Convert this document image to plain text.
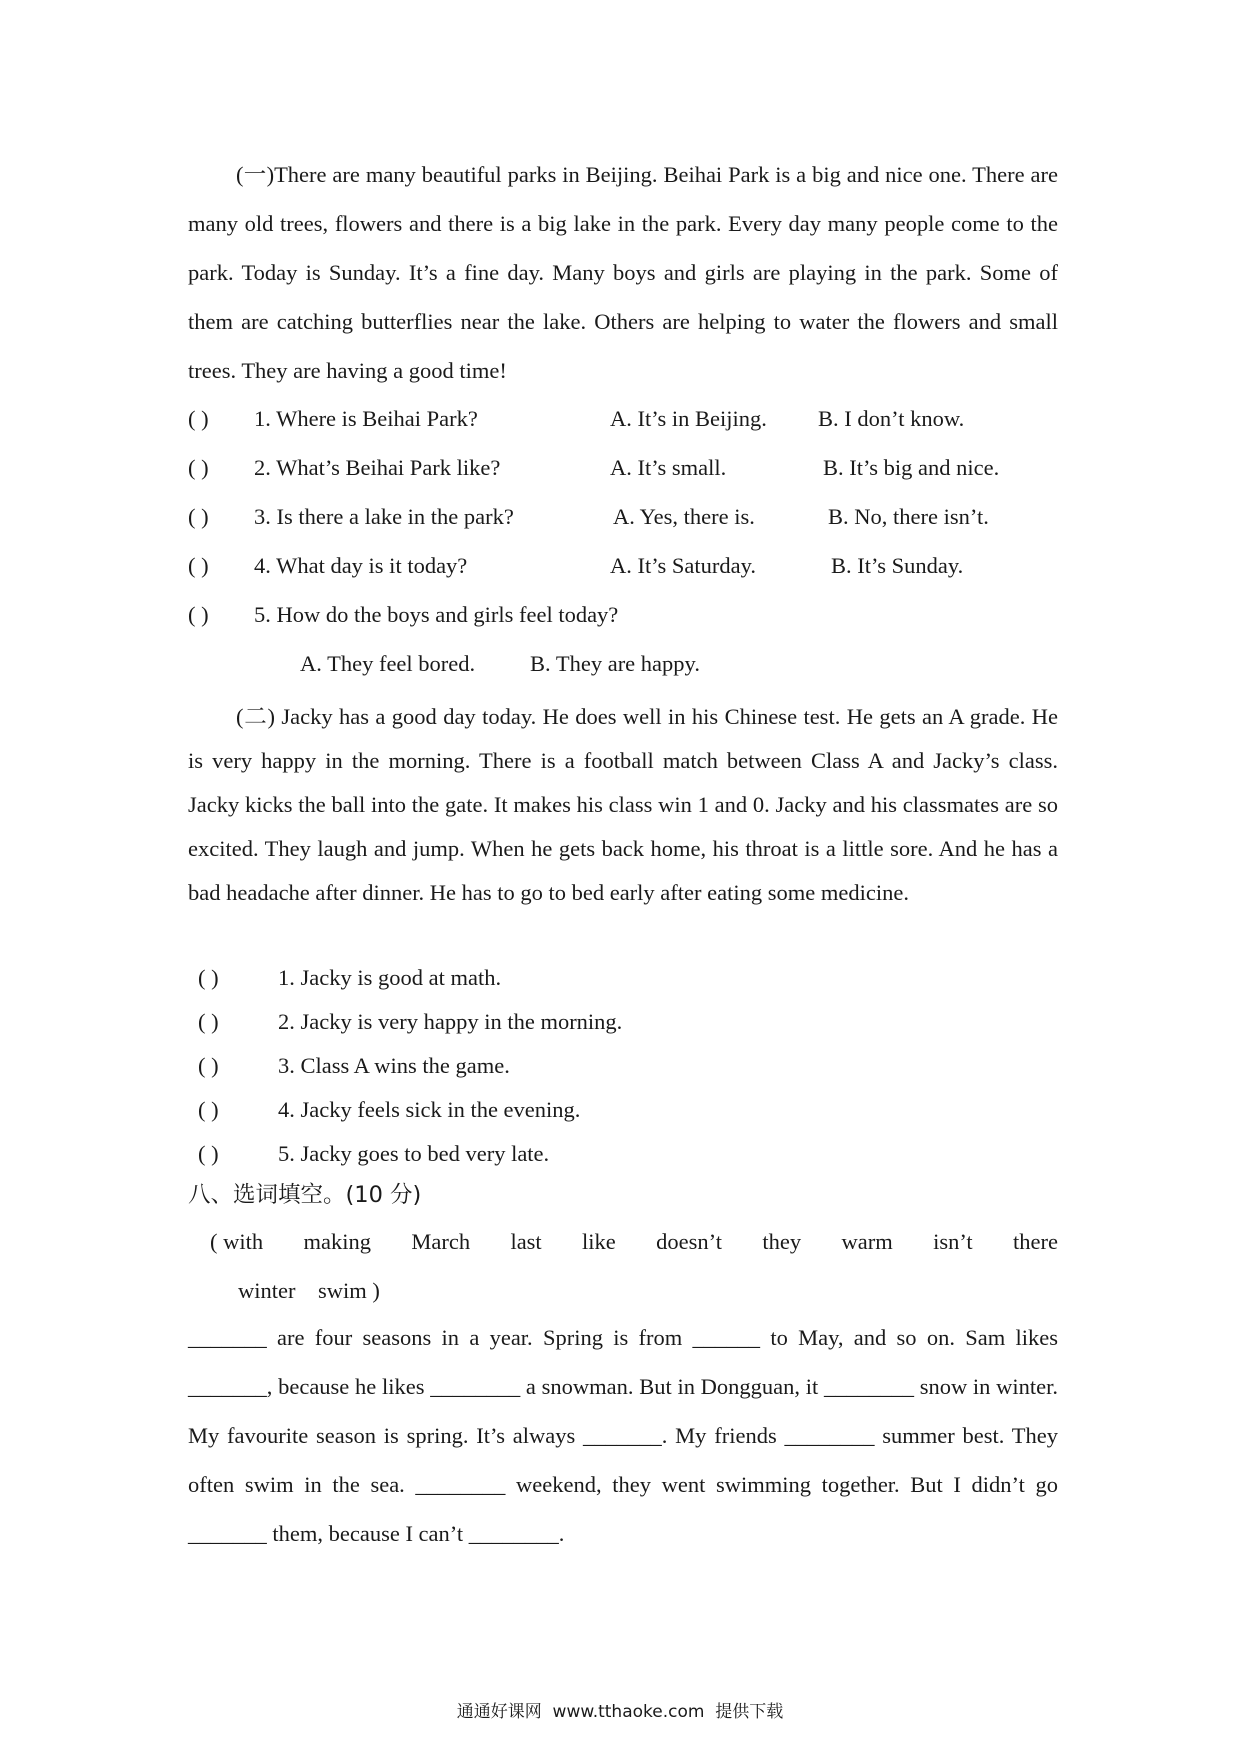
(一)There are many beautiful parks in Beijing. Beihai Park is a big and nice one. There are many old trees, flowers and there is a big lake in the park. Every day many people come to the park. Today is Sunday. It’s a fine day. Many boys and girls are playing in the park. Some of them are catching butterflies near the lake. Others are helping to water the flowers and small trees. They are having a good time!

( ) 1. Where is Beihai Park?	A. It’s in Beijing. B. I don’t know.
( ) 2. What’s Beihai Park like?	A. It’s small.	B. It’s big and nice.
( ) 3. Is there a lake in the park?	A. Yes, there is.	B. No, there isn’t.
( ) 4. What day is it today?	A. It’s Saturday.	B. It’s Sunday.
( ) 5. How do the boys and girls feel today?
A. They feel bored. B. They are happy.

(二) Jacky has a good day today. He does well in his Chinese test. He gets an A grade. He is very happy in the morning. There is a football match between Class A and Jacky’s class. Jacky kicks the ball into the gate. It makes his class win 1 and 0. Jacky and his classmates are so excited. They laugh and jump. When he gets back home, his throat is a little sore. And he has a bad headache after dinner. He has to go to bed early after eating some medicine.

( )	1. Jacky is good at math.
( )	2. Jacky is very happy in the morning.
( )	3. Class A wins the game.
( )	4. Jacky feels sick in the evening.
( )	5. Jacky goes to bed very late.
八、选词填空。(10 分)
( with making March last like doesn’t they warm isn’t there
winter    swim )

_______ are four seasons in a year. Spring is from ______ to May, and so on. Sam likes _______, because he likes ________ a snowman. But in Dongguan, it ________ snow in winter. My favourite season is spring. It’s always _______. My friends ________ summer best. They often swim in the sea. ________ weekend, they went swimming together. But I didn’t go _______ them, because I can’t ________.

通通好课网  www.tthaoke.com  提供下载
